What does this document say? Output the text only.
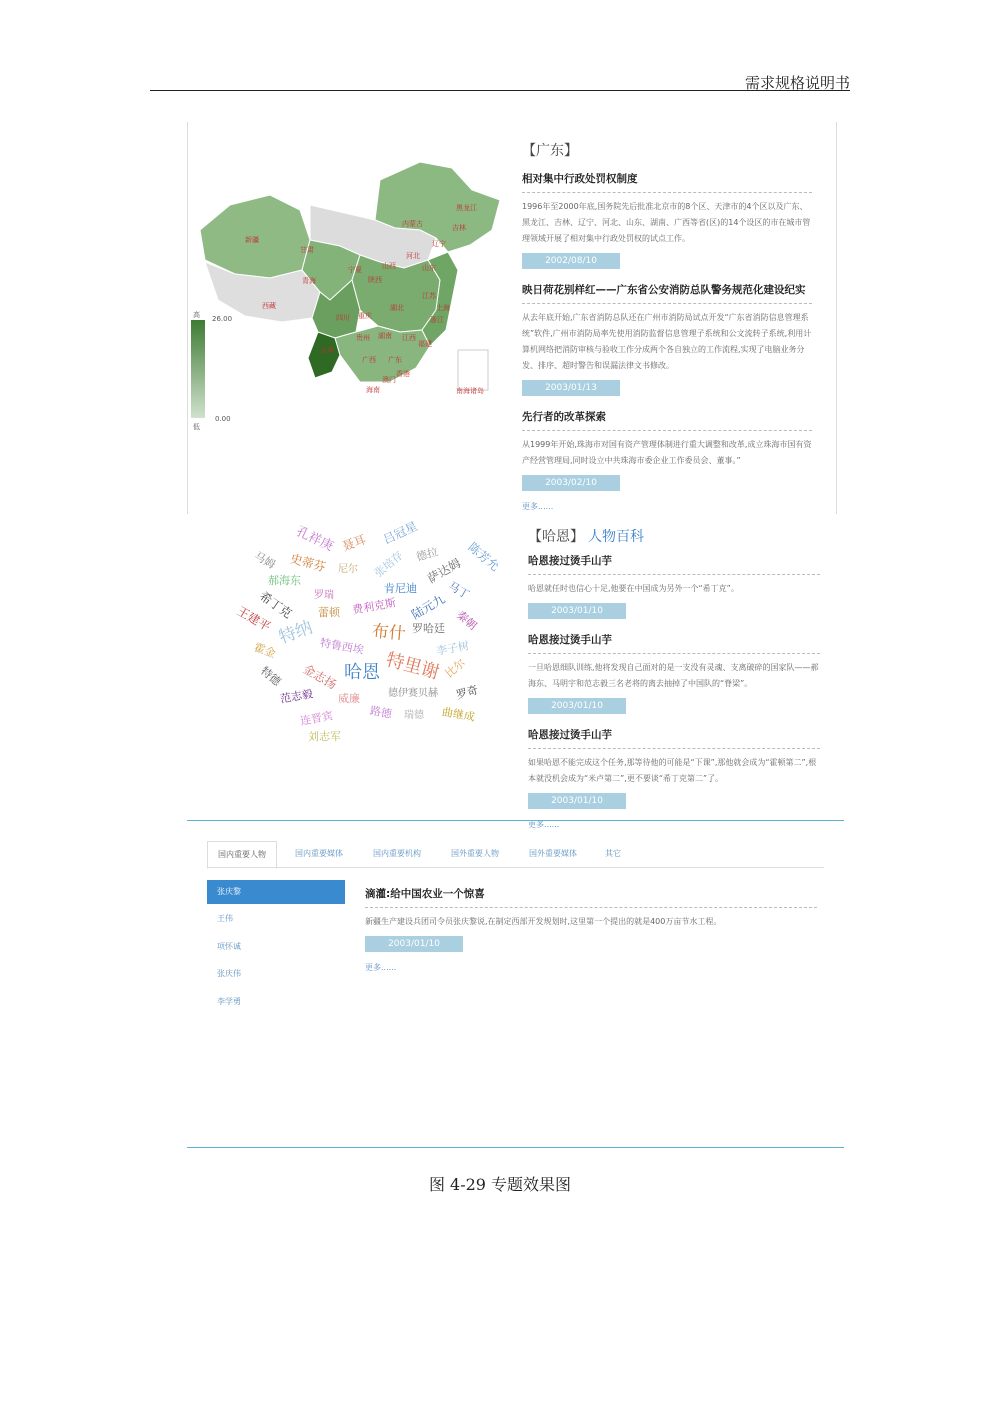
需求规格说明书
新疆
西藏
青海
甘肃
内蒙古
黑龙江
吉林
辽宁
宁夏
陕西
山西
河北
山东
四川 重庆
云南
贵州 湖南
湖北
广西 广东
江西
福建
浙江
上海
江苏
海南
澳门
香港
南海诸岛
高 26.00
0.00
低
【广东】
相对集中行政处罚权制度
1996年至2000年底,国务院先后批准北京市的8个区、天津市的4个区以及广东、黑龙江、吉林、辽宁、河北、山东、湖南、广西等省(区)的14个设区的市在城市管理领域开展了相对集中行政处罚权的试点工作。
2002/08/10
映日荷花别样红——广东省公安消防总队警务规范化建设纪实
从去年底开始,广东省消防总队还在广州市消防局试点开发“广东省消防信息管理系统”软件,广州市消防局率先使用消防监督信息管理子系统和公文流转子系统,利用计算机网络把消防审核与验收工作分成两个各自独立的工作流程,实现了电脑业务分发、排序、超时警告和误漏法律文书修改。
2003/01/13
先行者的改革探索
从1999年开始,珠海市对国有资产管理体制进行重大调整和改革,成立珠海市国有资产经营管理局,同时设立中共珠海市委企业工作委员会、董事。”
2003/02/10
更多......
孔祥庚 聂耳 吕冠星
德拉
马姆 史蒂芬 尼尔 张培存 萨达姆 陈芳允
郝海东
罗瑞
肯尼迪	马丁
希丁克 蕾顿 费利克斯 陆元九 秦朝
王建平 特纳	布什 罗哈廷
李子树
霍金	特鲁西埃
哈恩 特里谢 比尔
特德 金志扬
德伊赛贝赫 罗奇
范志毅 威廉
路德 瑞德 曲继成
连晋宾
刘志军
【哈恩】 人物百科
哈恩接过烫手山芋
哈恩就任时也信心十足,他要在中国成为另外一个“希丁克”。
2003/01/10
哈恩接过烫手山芋
一旦哈恩细队训练,他将发现自己面对的是一支没有灵魂、支离破碎的国家队——郝海东、马明宇和范志毅三名老将的离去抽掉了中国队的“脊梁”。
2003/01/10
哈恩接过烫手山芋
如果哈恩不能完成这个任务,那等待他的可能是“下课”,那他就会成为“霍顿第二”,根本就没机会成为“米卢第二”,更不要谈“希丁克第二”了。
2003/01/10
更多......
国内重要人物	国内重要媒体	国内重要机构	国外重要人物	国外重要媒体	其它
张庆黎
王伟
项怀诚
张庆伟
李学勇
滴灌:给中国农业一个惊喜
新疆生产建设兵团司令员张庆黎说,在制定西部开发规划时,这里第一个提出的就是400万亩节水工程。
2003/01/10
更多......
图 4-29 专题效果图
